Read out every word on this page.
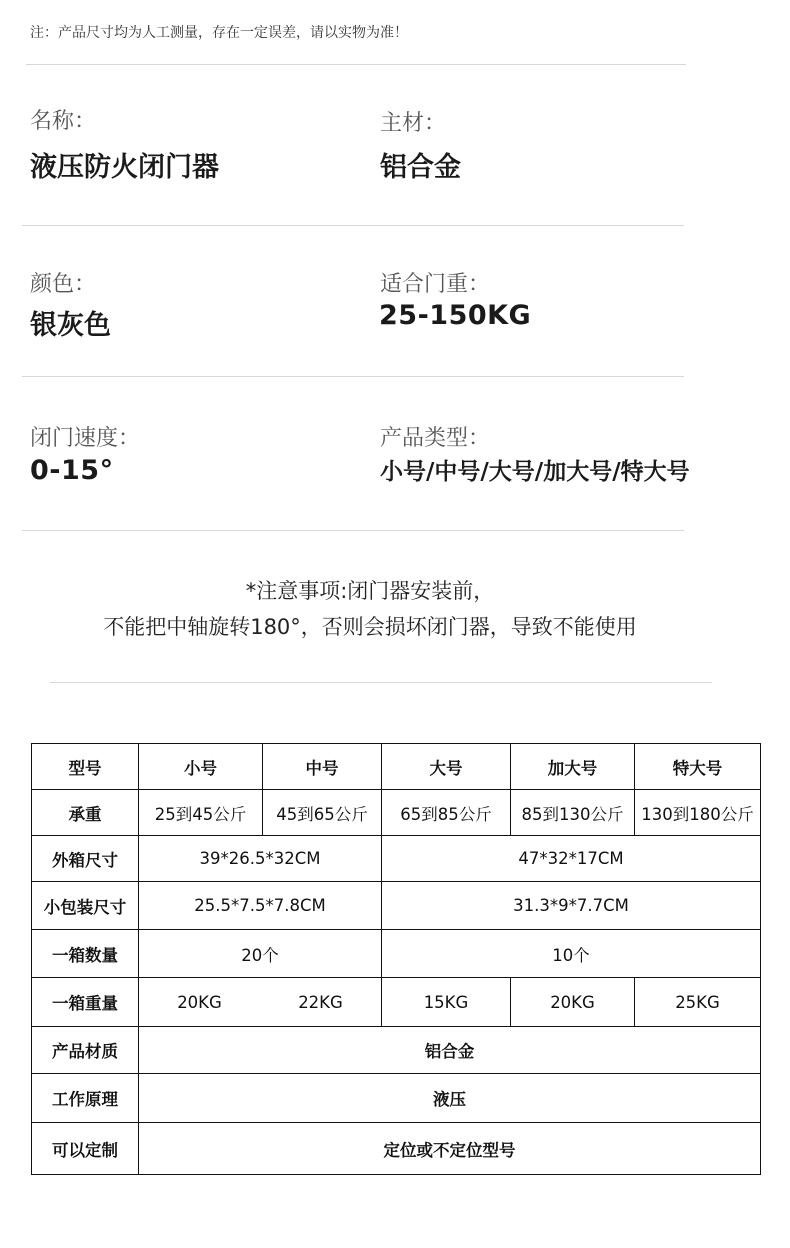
注：产品尺寸均为人工测量，存在一定误差，请以实物为准！
名称：
液压防火闭门器
主材：
铝合金
颜色：
银灰色
适合门重：
25-150KG
闭门速度：
0-15°
产品类型：
小号/中号/大号/加大号/特大号
*注意事项:闭门器安装前，
不能把中轴旋转180°，否则会损坏闭门器，导致不能使用
型号	小号	中号	大号	加大号	特大号
承重	25到45公斤	45到65公斤	65到85公斤	85到130公斤	130到180公斤
外箱尺寸	39*26.5*32CM		47*32*17CM		
小包装尺寸	25.5*7.5*7.8CM		31.3*9*7.7CM		
一箱数量	20个		10个		
一箱重量	20KG 22KG		15KG	20KG	25KG
产品材质	铝合金				
工作原理	液压				
可以定制	定位或不定位型号				
